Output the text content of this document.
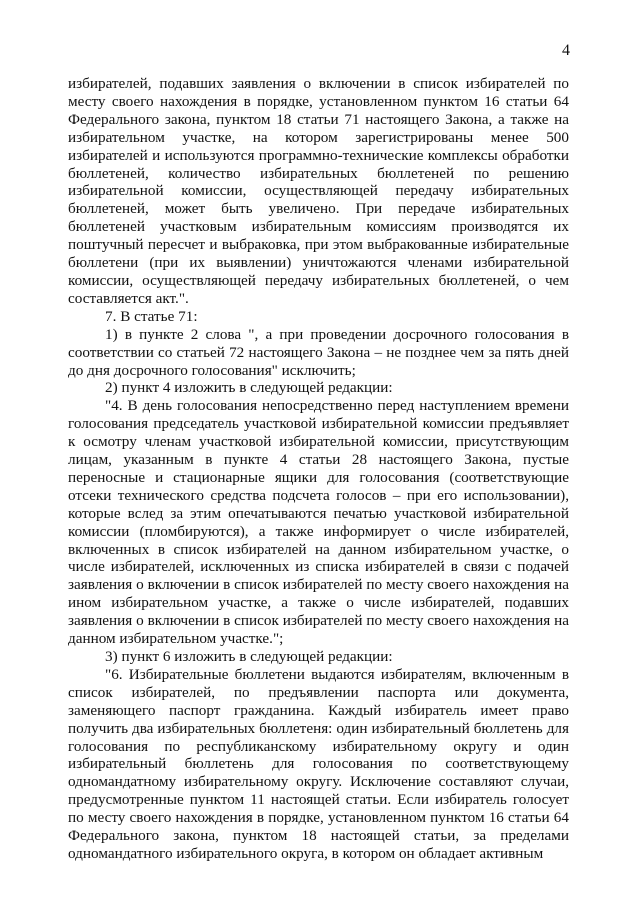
4

избирателей, подавших заявления о включении в список избирателей по месту своего нахождения в порядке, установленном пунктом 16 статьи 64 Федерального закона, пунктом 18 статьи 71 настоящего Закона, а также на избирательном участке, на котором зарегистрированы менее 500 избирателей и используются программно-технические комплексы обработки бюллетеней, количество избирательных бюллетеней по решению избирательной комиссии, осуществляющей передачу избирательных бюллетеней, может быть увеличено. При передаче избирательных бюллетеней участковым избирательным комиссиям производятся их поштучный пересчет и выбраковка, при этом выбракованные избирательные бюллетени (при их выявлении) уничтожаются членами избирательной комиссии, осуществляющей передачу избирательных бюллетеней, о чем составляется акт.".

7. В статье 71:

1) в пункте 2 слова ", а при проведении досрочного голосования в соответствии со статьей 72 настоящего Закона – не позднее чем за пять дней до дня досрочного голосования" исключить;

2) пункт 4 изложить в следующей редакции:

"4. В день голосования непосредственно перед наступлением времени голосования председатель участковой избирательной комиссии предъявляет к осмотру членам участковой избирательной комиссии, присутствующим лицам, указанным в пункте 4 статьи 28 настоящего Закона, пустые переносные и стационарные ящики для голосования (соответствующие отсеки технического средства подсчета голосов – при его использовании), которые вслед за этим опечатываются печатью участковой избирательной комиссии (пломбируются), а также информирует о числе избирателей, включенных в список избирателей на данном избирательном участке, о числе избирателей, исключенных из списка избирателей в связи с подачей заявления о включении в список избирателей по месту своего нахождения на ином избирательном участке, а также о числе избирателей, подавших заявления о включении в список избирателей по месту своего нахождения на данном избирательном участке.";

3) пункт 6 изложить в следующей редакции:

"6. Избирательные бюллетени выдаются избирателям, включенным в список избирателей, по предъявлении паспорта или документа, заменяющего паспорт гражданина. Каждый избиратель имеет право получить два избирательных бюллетеня: один избирательный бюллетень для голосования по республиканскому избирательному округу и один избирательный бюллетень для голосования по соответствующему одномандатному избирательному округу. Исключение составляют случаи, предусмотренные пунктом 11 настоящей статьи. Если избиратель голосует по месту своего нахождения в порядке, установленном пунктом 16 статьи 64 Федерального закона, пунктом 18 настоящей статьи, за пределами одномандатного избирательного округа, в котором он обладает активным
